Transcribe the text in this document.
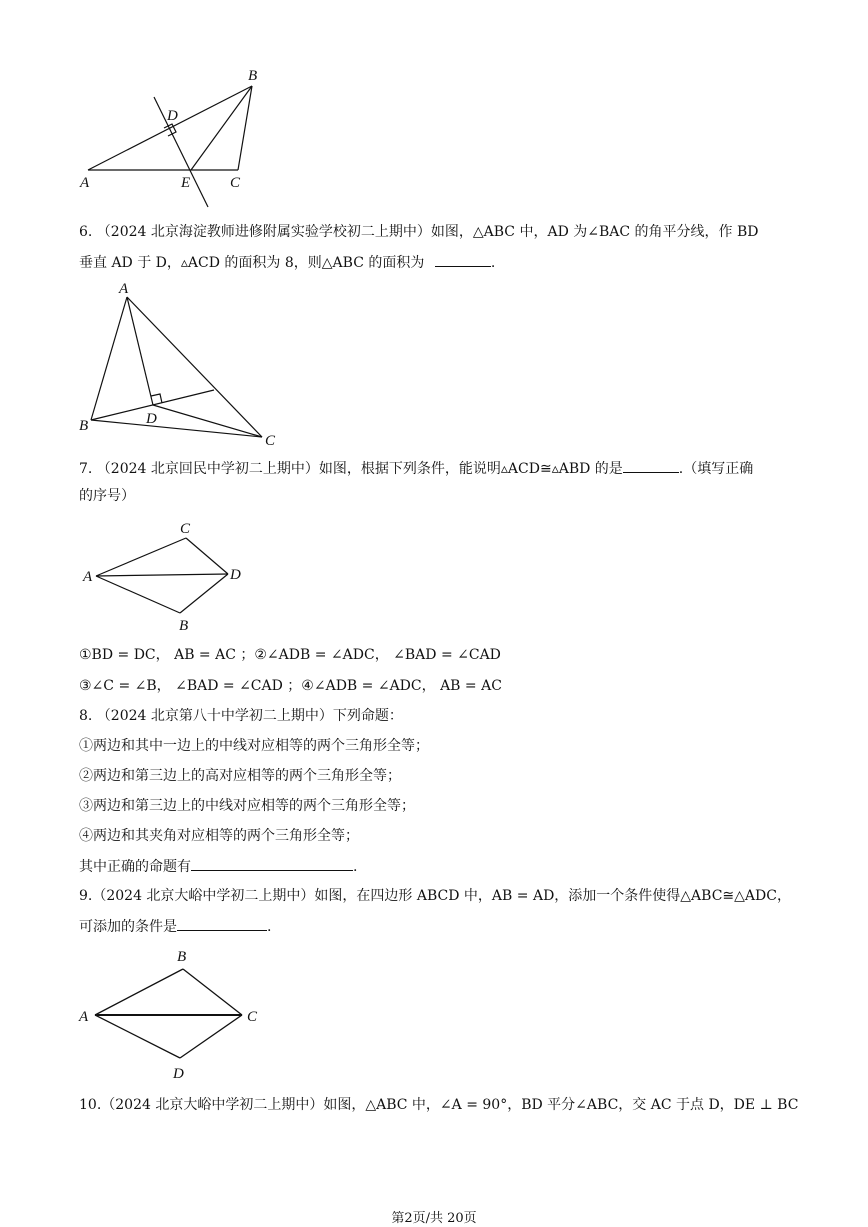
A
B
C
D
E
6. （2024 北京海淀教师进修附属实验学校初二上期中）如图，△ABC 中，AD 为∠BAC 的角平分线，作 BD
垂直 AD 于 D，▵ACD 的面积为 8，则△ABC 的面积为	.
A
B
C
D
7. （2024 北京回民中学初二上期中）如图，根据下列条件，能说明▵ACD≅▵ABD 的是	.（填写正确
的序号）
A
B
C
D
①BD = DC， AB = AC ；②∠ADB = ∠ADC， ∠BAD = ∠CAD
③∠C = ∠B， ∠BAD = ∠CAD ；④∠ADB = ∠ADC， AB = AC
8. （2024 北京第八十中学初二上期中）下列命题：
①两边和其中一边上的中线对应相等的两个三角形全等；
②两边和第三边上的高对应相等的两个三角形全等；
③两边和第三边上的中线对应相等的两个三角形全等；
④两边和其夹角对应相等的两个三角形全等；
其中正确的命题有	.
9.（2024 北京大峪中学初二上期中）如图，在四边形 ABCD 中，AB = AD，添加一个条件使得△ABC≅△ADC，
可添加的条件是	.
A
B
C
D
10.（2024 北京大峪中学初二上期中）如图，△ABC 中，∠A = 90°，BD 平分∠ABC，交 AC 于点 D，DE ⊥ BC
第2页/共 20页
